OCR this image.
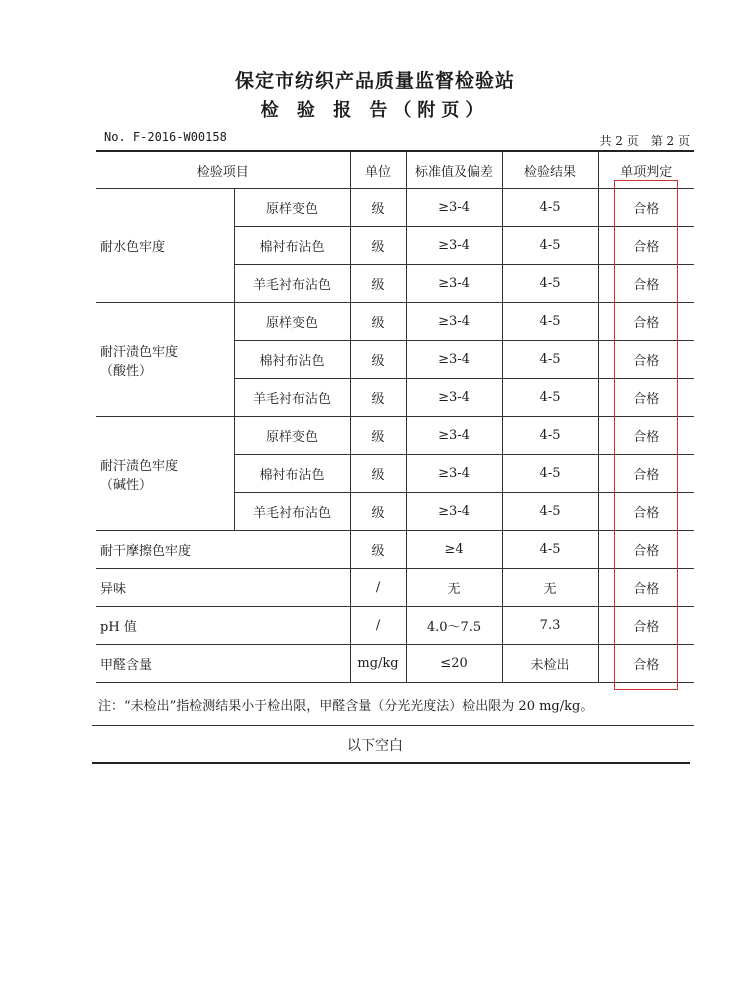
保定市纺织产品质量监督检验站
检 验 报 告（附页）
No. F-2016-W00158	共 2 页　第 2 页
检验项目		单位	标准值及偏差	检验结果	单项判定
耐水色牢度	原样变色	级	≥3-4	4-5	合格
	棉衬布沾色	级	≥3-4	4-5	合格
	羊毛衬布沾色	级	≥3-4	4-5	合格

耐汗渍色牢度
（酸性）	原样变色	级	≥3-4	4-5	合格
	棉衬布沾色	级	≥3-4	4-5	合格
	羊毛衬布沾色	级	≥3-4	4-5	合格

耐汗渍色牢度
（碱性）	原样变色	级	≥3-4	4-5	合格
	棉衬布沾色	级	≥3-4	4-5	合格
	羊毛衬布沾色	级	≥3-4	4-5	合格
耐干摩擦色牢度		级	≥4	4-5	合格
异味		/	无	无	合格
pH 值		/	4.0～7.5	7.3	合格
甲醛含量		mg/kg	≤20	未检出	合格
注：“未检出”指检测结果小于检出限，甲醛含量（分光光度法）检出限为 20 mg/kg。
以下空白
